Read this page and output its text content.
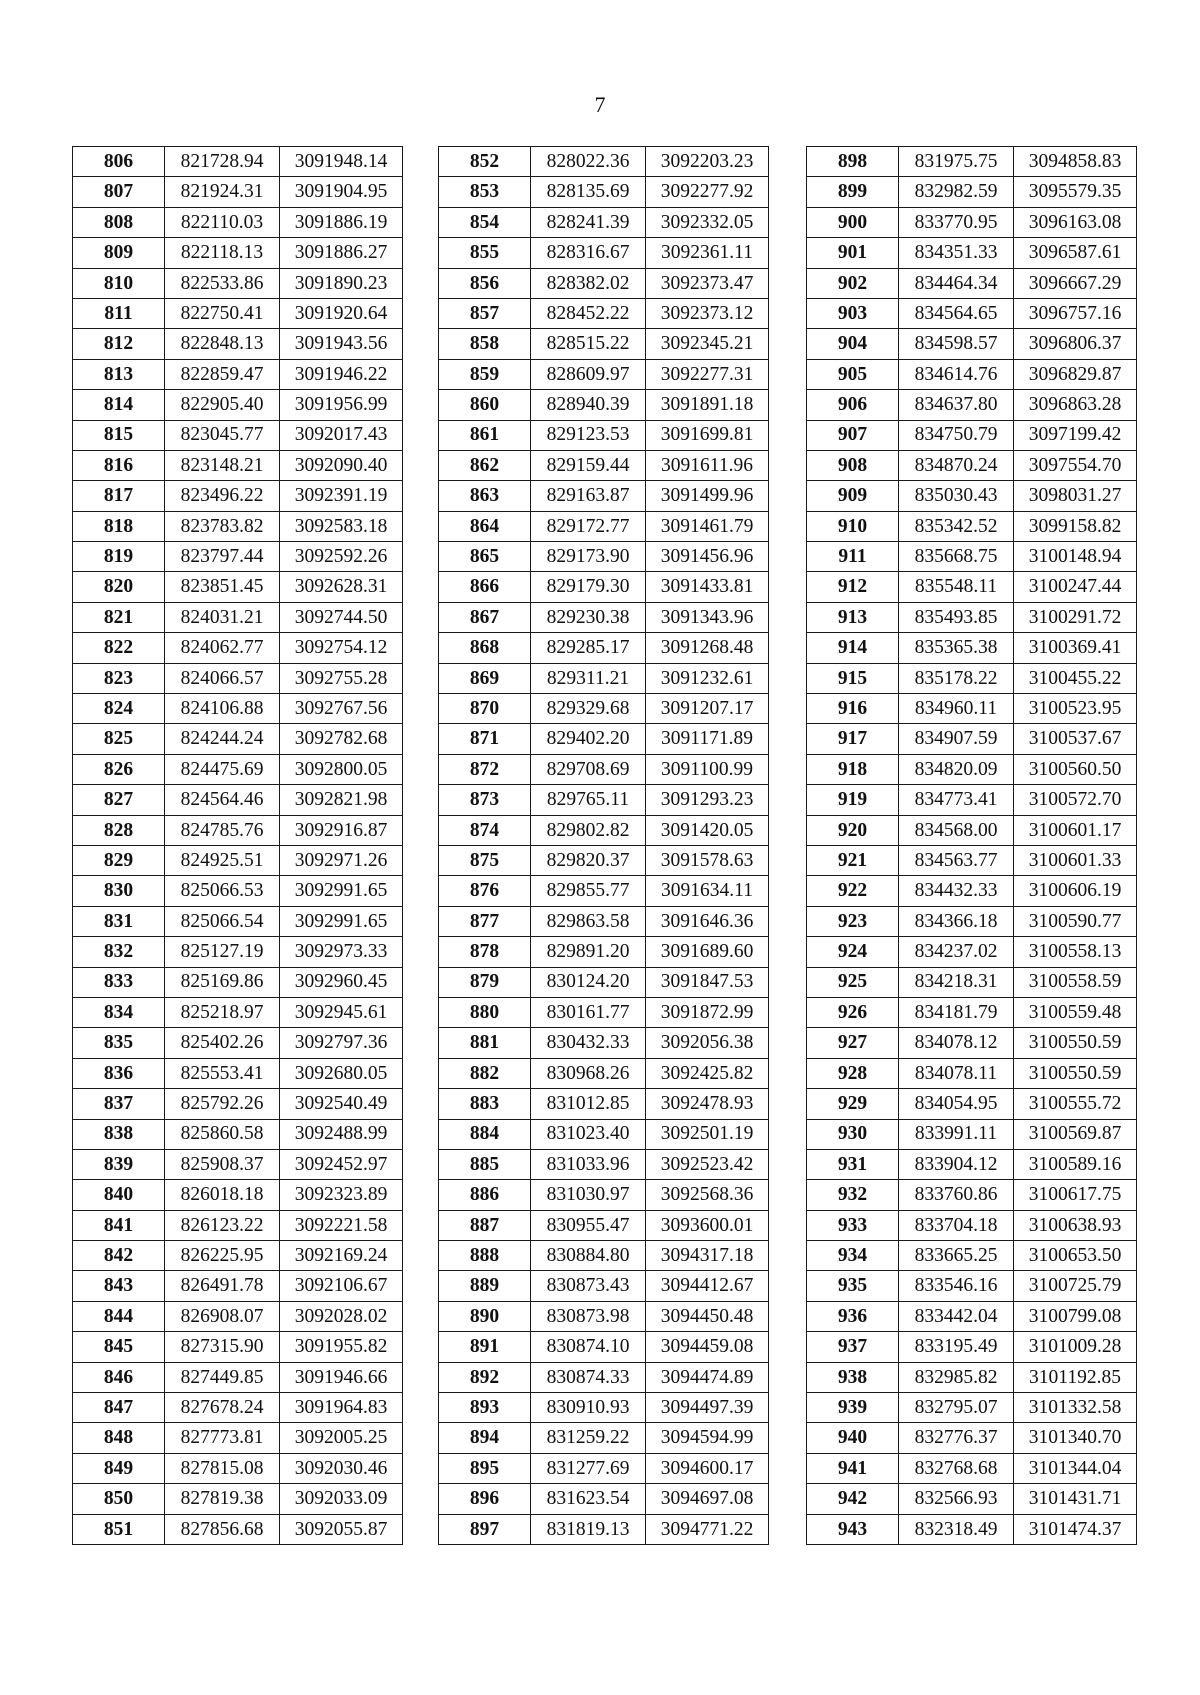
7
806	821728.94	3091948.14
807	821924.31	3091904.95
808	822110.03	3091886.19
809	822118.13	3091886.27
810	822533.86	3091890.23
811	822750.41	3091920.64
812	822848.13	3091943.56
813	822859.47	3091946.22
814	822905.40	3091956.99
815	823045.77	3092017.43
816	823148.21	3092090.40
817	823496.22	3092391.19
818	823783.82	3092583.18
819	823797.44	3092592.26
820	823851.45	3092628.31
821	824031.21	3092744.50
822	824062.77	3092754.12
823	824066.57	3092755.28
824	824106.88	3092767.56
825	824244.24	3092782.68
826	824475.69	3092800.05
827	824564.46	3092821.98
828	824785.76	3092916.87
829	824925.51	3092971.26
830	825066.53	3092991.65
831	825066.54	3092991.65
832	825127.19	3092973.33
833	825169.86	3092960.45
834	825218.97	3092945.61
835	825402.26	3092797.36
836	825553.41	3092680.05
837	825792.26	3092540.49
838	825860.58	3092488.99
839	825908.37	3092452.97
840	826018.18	3092323.89
841	826123.22	3092221.58
842	826225.95	3092169.24
843	826491.78	3092106.67
844	826908.07	3092028.02
845	827315.90	3091955.82
846	827449.85	3091946.66
847	827678.24	3091964.83
848	827773.81	3092005.25
849	827815.08	3092030.46
850	827819.38	3092033.09
851	827856.68	3092055.87
852	828022.36	3092203.23
853	828135.69	3092277.92
854	828241.39	3092332.05
855	828316.67	3092361.11
856	828382.02	3092373.47
857	828452.22	3092373.12
858	828515.22	3092345.21
859	828609.97	3092277.31
860	828940.39	3091891.18
861	829123.53	3091699.81
862	829159.44	3091611.96
863	829163.87	3091499.96
864	829172.77	3091461.79
865	829173.90	3091456.96
866	829179.30	3091433.81
867	829230.38	3091343.96
868	829285.17	3091268.48
869	829311.21	3091232.61
870	829329.68	3091207.17
871	829402.20	3091171.89
872	829708.69	3091100.99
873	829765.11	3091293.23
874	829802.82	3091420.05
875	829820.37	3091578.63
876	829855.77	3091634.11
877	829863.58	3091646.36
878	829891.20	3091689.60
879	830124.20	3091847.53
880	830161.77	3091872.99
881	830432.33	3092056.38
882	830968.26	3092425.82
883	831012.85	3092478.93
884	831023.40	3092501.19
885	831033.96	3092523.42
886	831030.97	3092568.36
887	830955.47	3093600.01
888	830884.80	3094317.18
889	830873.43	3094412.67
890	830873.98	3094450.48
891	830874.10	3094459.08
892	830874.33	3094474.89
893	830910.93	3094497.39
894	831259.22	3094594.99
895	831277.69	3094600.17
896	831623.54	3094697.08
897	831819.13	3094771.22
898	831975.75	3094858.83
899	832982.59	3095579.35
900	833770.95	3096163.08
901	834351.33	3096587.61
902	834464.34	3096667.29
903	834564.65	3096757.16
904	834598.57	3096806.37
905	834614.76	3096829.87
906	834637.80	3096863.28
907	834750.79	3097199.42
908	834870.24	3097554.70
909	835030.43	3098031.27
910	835342.52	3099158.82
911	835668.75	3100148.94
912	835548.11	3100247.44
913	835493.85	3100291.72
914	835365.38	3100369.41
915	835178.22	3100455.22
916	834960.11	3100523.95
917	834907.59	3100537.67
918	834820.09	3100560.50
919	834773.41	3100572.70
920	834568.00	3100601.17
921	834563.77	3100601.33
922	834432.33	3100606.19
923	834366.18	3100590.77
924	834237.02	3100558.13
925	834218.31	3100558.59
926	834181.79	3100559.48
927	834078.12	3100550.59
928	834078.11	3100550.59
929	834054.95	3100555.72
930	833991.11	3100569.87
931	833904.12	3100589.16
932	833760.86	3100617.75
933	833704.18	3100638.93
934	833665.25	3100653.50
935	833546.16	3100725.79
936	833442.04	3100799.08
937	833195.49	3101009.28
938	832985.82	3101192.85
939	832795.07	3101332.58
940	832776.37	3101340.70
941	832768.68	3101344.04
942	832566.93	3101431.71
943	832318.49	3101474.37
